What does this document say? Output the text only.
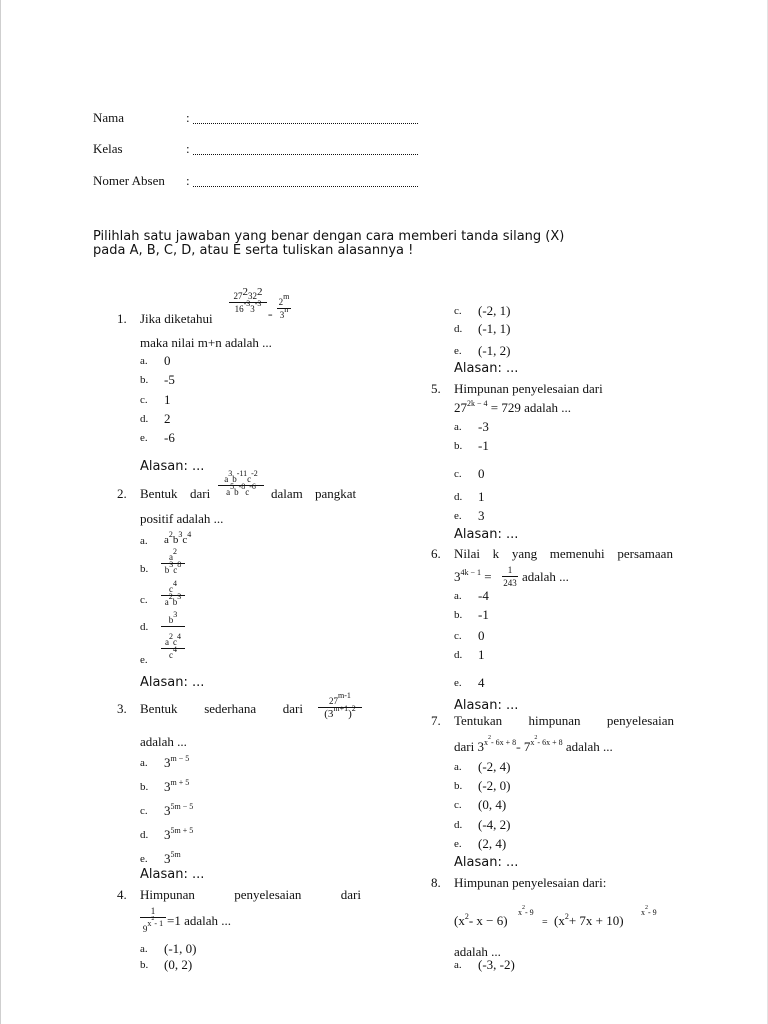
Nama	:
Kelas	:
Nomer Absen :
Pilihlah satu jawaban yang benar dengan cara memberi tanda silang (X)
pada A, B, C, D, atau E serta tuliskan alasannya !
1. Jika diketahui
$27^232^2$
$16^{-3}3^{-3}$
=
$2^m$
3$^n$
maka nilai m+n adalah ...
a. 0
b. -5
c. 1
d. 2
e. -6
Alasan: ...
2. Bentuk dari
$a^3b^{-11}c^{-2}$
$a^5b^{-8}c^{-6}$	dalam pangkat
positif adalah ...
a. $a^2b^3c^4$
b.
$a^2$
$b^3c^8$
c.
$c^4$
$a^2b^3$
d.
$b^3$
$a^2c^4$
$c^4$
e.
Alasan: ...
3. Bentuk sederhana dari	27$^{m-1}$
$(3^{m+1})^2$
adalah ...
a. $3^{m - 5}$
b. $3^{m + 5}$
c. $3^{5m - 5}$
d. $3^{5m + 5}$
e. $3^{5m}$
Alasan: ...
4. Himpunan	penyelesaian	dari
1
$9^{x^2- 1} =1$ adalah ...
a. (-1, 0)
b. (0, 2)
c. (-2, 1)
d. (-1, 1)
e. (-1, 2)
Alasan: ...
5. Himpunan penyelesaian dari
$27^{2k - 4} = 729$ adalah ...
a. -3
b. -1
c. 0
d. 1
e. 3
Alasan: ...
6. Nilai k yang memenuhi persamaan
$3^{4k - 1}$ =	1
243 adalah ...
a. -4
b. -1
c. 0
d. 1
e. 4
Alasan: ...
7. Tentukan himpunan penyelesaian
dari $3^{x^2- 6x + 8}= 7^{x^2- 6x + 8}$ adalah ...
a. (-2, 4)
b. (-2, 0)
c. (0, 4)
d. (-4, 2)
e. (2, 4)
Alasan: ...
8. Himpunan penyelesaian dari:
($x^2-$ x − 6)
$x^2-$ 9
= $(x^2+ 7x + 10)$
$x^2-$ 9
adalah ...
a. (-3, -2)
